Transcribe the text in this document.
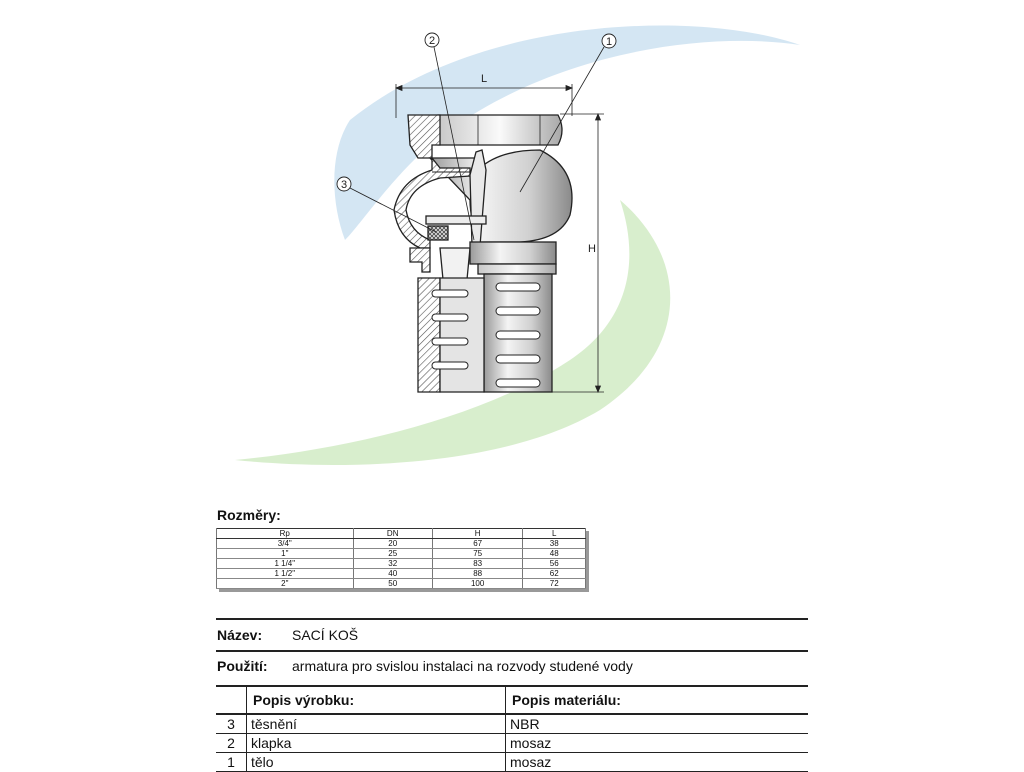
L
H
1
2
3
Rozměry:
Rp	DN	H	L
3/4"	20	67	38
1"	25	75	48
1 1/4"	32	83	56
1 1/2"	40	88	62
2"	50	100	72
Název: SACÍ KOŠ
Použití: armatura pro svislou instalaci na rozvody studené vody
	Popis výrobku:	Popis materiálu:
3	těsnění	NBR
2	klapka	mosaz
1	tělo	mosaz
